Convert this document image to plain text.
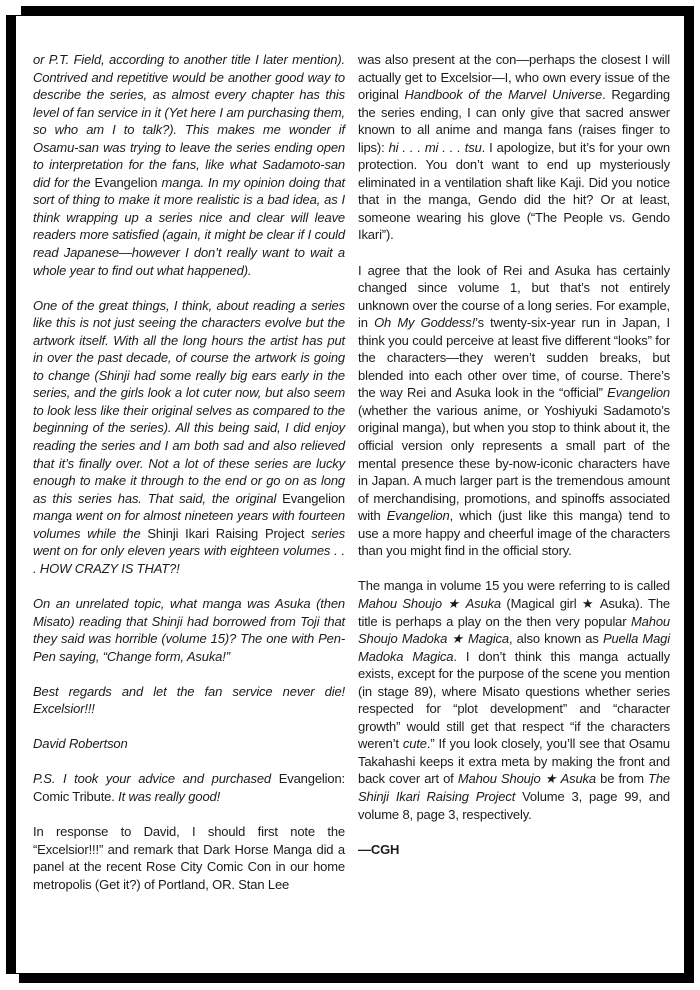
or P.T. Field, according to another title I later mention). Contrived and repetitive would be another good way to describe the series, as almost every chapter has this level of fan service in it (Yet here I am purchasing them, so who am I to talk?). This makes me wonder if Osamu-san was trying to leave the series ending open to interpretation for the fans, like what Sadamoto-san did for the Evangelion manga. In my opinion doing that sort of thing to make it more realistic is a bad idea, as I think wrapping up a series nice and clear will leave readers more satisfied (again, it might be clear if I could read Japanese—however I don’t really want to wait a whole year to find out what happened).

One of the great things, I think, about reading a series like this is not just seeing the characters evolve but the artwork itself. With all the long hours the artist has put in over the past decade, of course the artwork is going to change (Shinji had some really big ears early in the series, and the girls look a lot cuter now, but also seem to look less like their original selves as compared to the beginning of the series). All this being said, I did enjoy reading the series and I am both sad and also relieved that it’s finally over. Not a lot of these series are lucky enough to make it through to the end or go on as long as this series has. That said, the original Evangelion manga went on for almost nineteen years with fourteen volumes while the Shinji Ikari Raising Project series went on for only eleven years with eighteen volumes . . . HOW CRAZY IS THAT?!

On an unrelated topic, what manga was Asuka (then Misato) reading that Shinji had borrowed from Toji that they said was horrible (volume 15)? The one with Pen-Pen saying, “Change form, Asuka!”

Best regards and let the fan service never die! Excelsior!!!

David Robertson

P.S. I took your advice and purchased Evangelion: Comic Tribute. It was really good!

In response to David, I should first note the “Excelsior!!!” and remark that Dark Horse Manga did a panel at the recent Rose City Comic Con in our home metropolis (Get it?) of Portland, OR. Stan Lee

was also present at the con—perhaps the closest I will actually get to Excelsior—I, who own every issue of the original Handbook of the Marvel Universe. Regarding the series ending, I can only give that sacred answer known to all anime and manga fans (raises finger to lips): hi . . . mi . . . tsu. I apologize, but it’s for your own protection. You don’t want to end up mysteriously eliminated in a ventilation shaft like Kaji. Did you notice that in the manga, Gendo did the hit? Or at least, someone wearing his glove (“The People vs. Gendo Ikari”).

I agree that the look of Rei and Asuka has certainly changed since volume 1, but that’s not entirely unknown over the course of a long series. For example, in Oh My Goddess!’s twenty-six-year run in Japan, I think you could perceive at least five different “looks” for the characters—they weren’t sudden breaks, but blended into each other over time, of course. There’s the way Rei and Asuka look in the “official” Evangelion (whether the various anime, or Yoshiyuki Sadamoto’s original manga), but when you stop to think about it, the official version only represents a small part of the mental presence these by-now-iconic characters have in Japan. A much larger part is the tremendous amount of merchandising, promotions, and spinoffs associated with Evangelion, which (just like this manga) tend to use a more happy and cheerful image of the characters than you might find in the official story.

The manga in volume 15 you were referring to is called Mahou Shoujo ★ Asuka (Magical girl ★ Asuka). The title is perhaps a play on the then very popular Mahou Shoujo Madoka ★ Magica, also known as Puella Magi Madoka Magica. I don’t think this manga actually exists, except for the purpose of the scene you mention (in stage 89), where Misato questions whether series respected for “plot development” and “character growth” would still get that respect “if the characters weren’t cute.” If you look closely, you’ll see that Osamu Takahashi keeps it extra meta by making the front and back cover art of Mahou Shoujo ★ Asuka be from The Shinji Ikari Raising Project Volume 3, page 99, and volume 8, page 3, respectively.

—CGH
